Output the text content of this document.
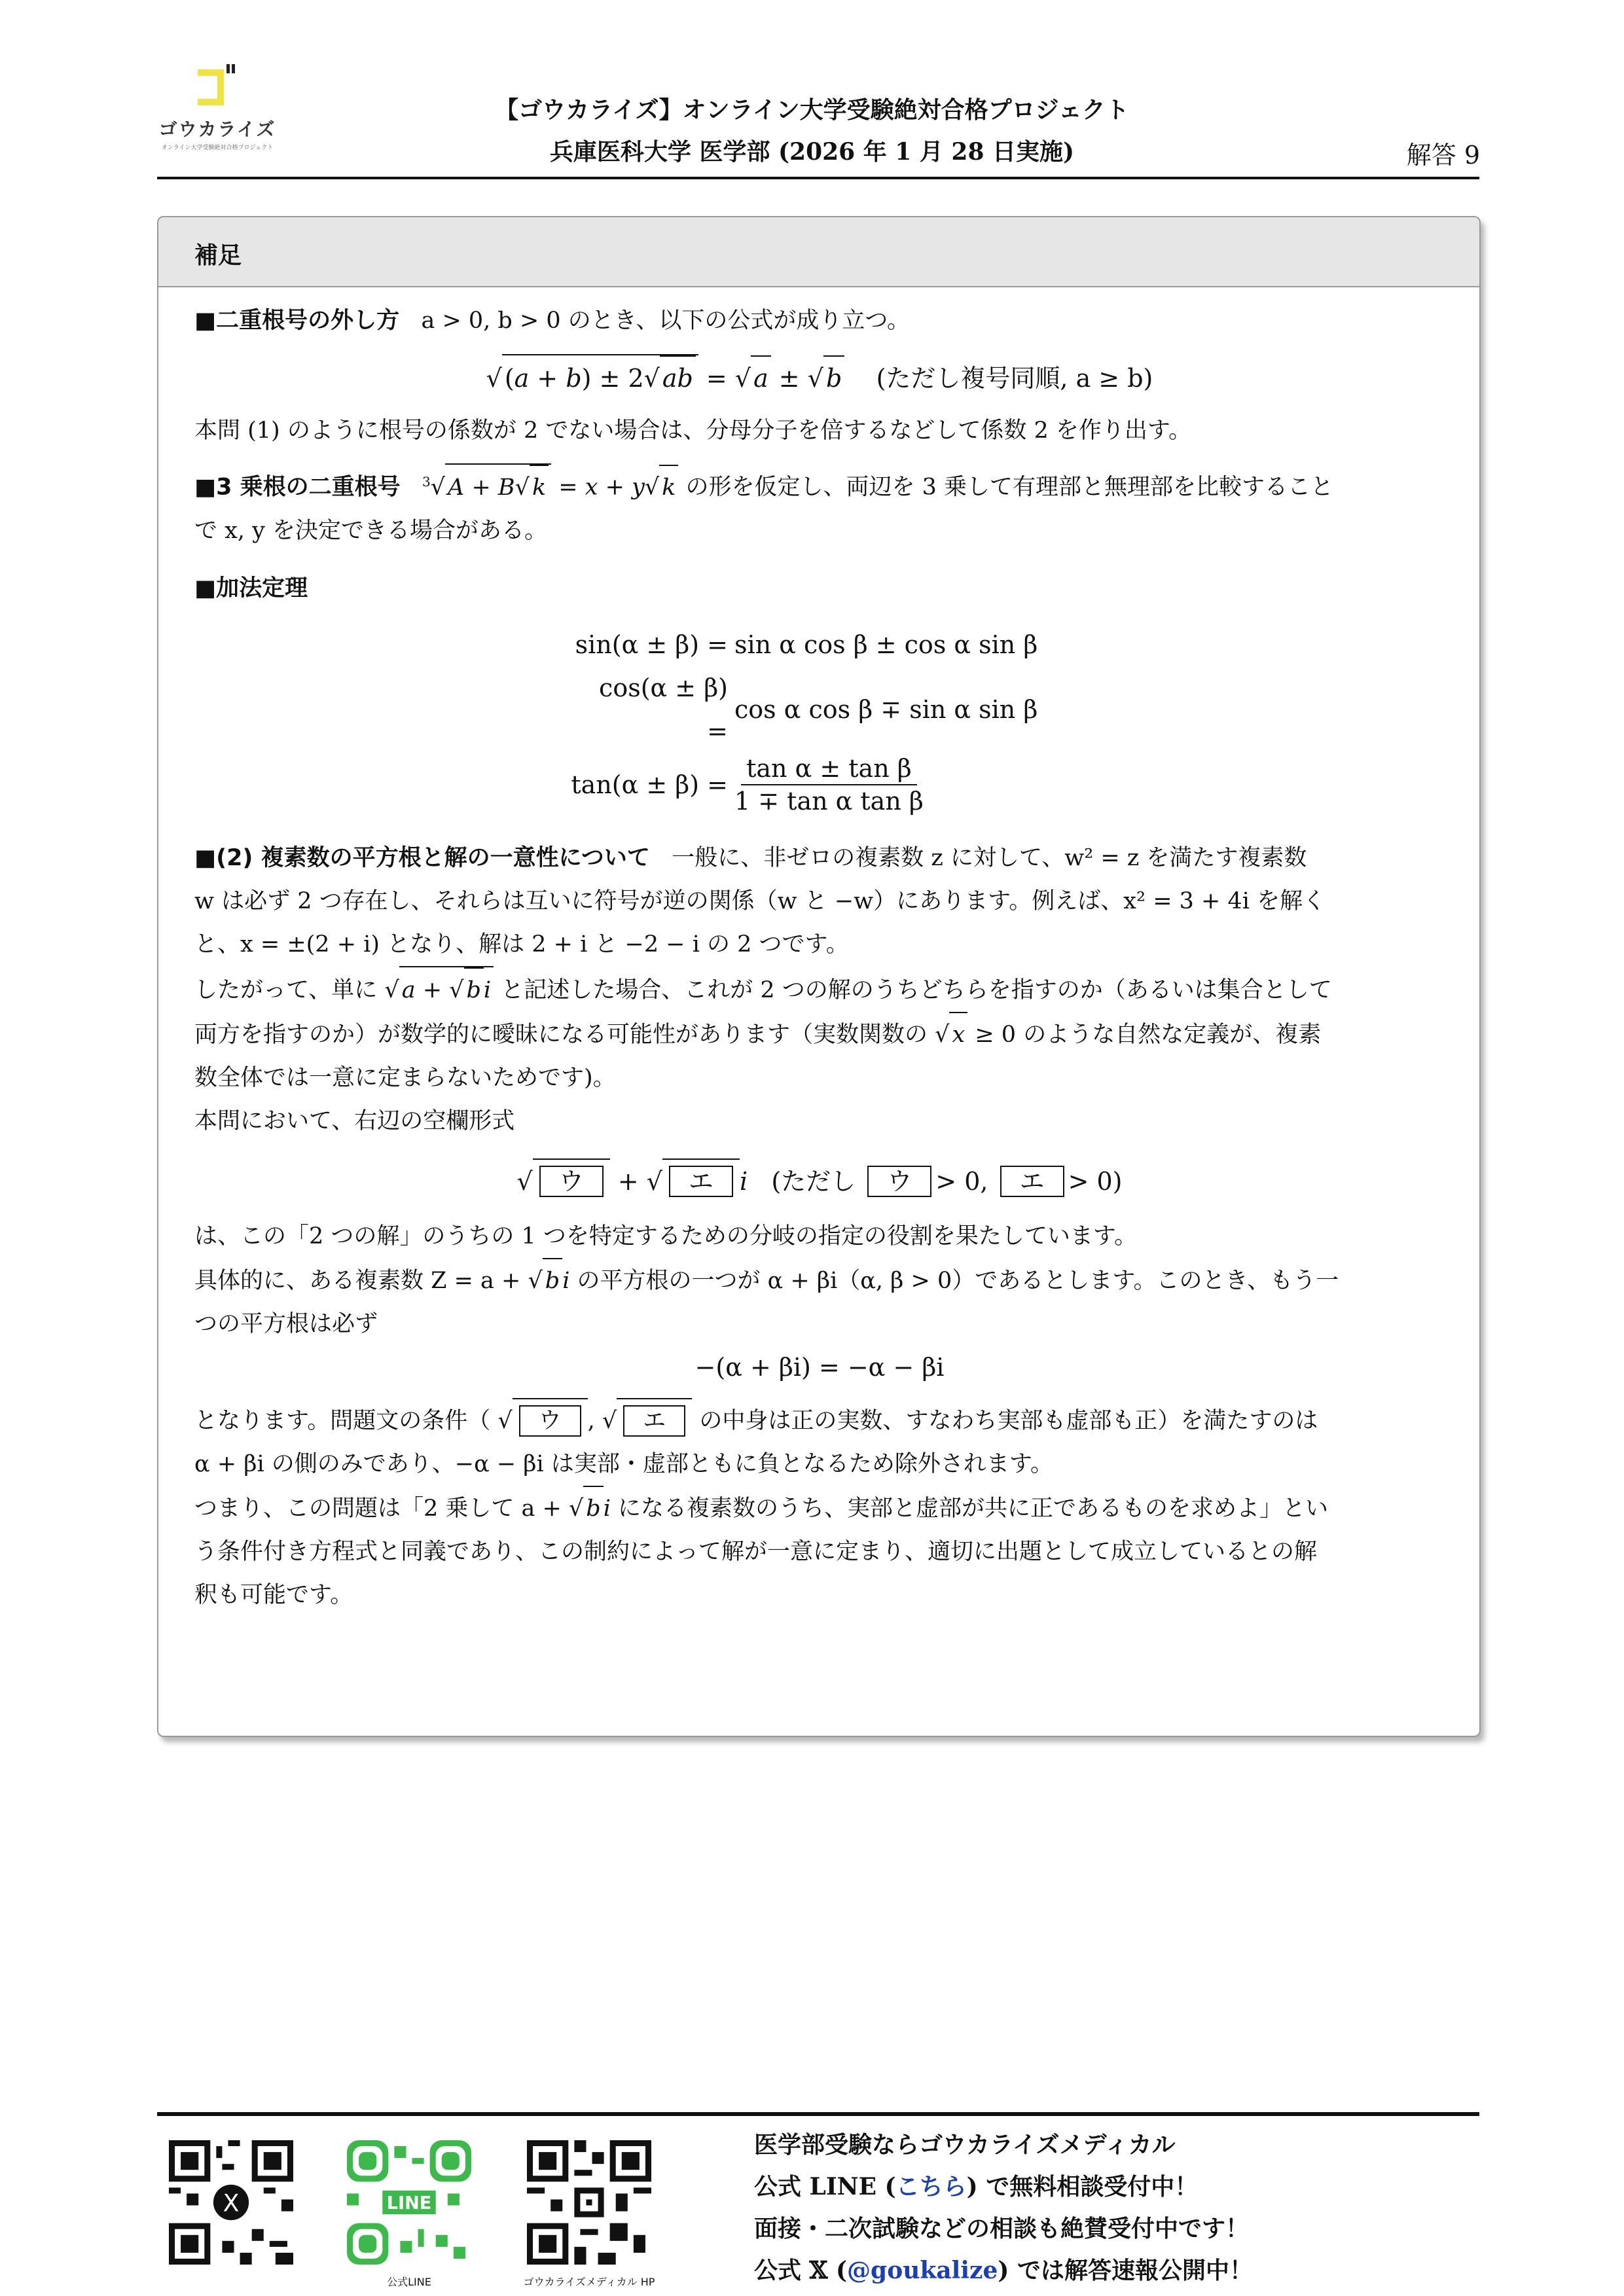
ゴウカライズ
オンライン大学受験絶対合格プロジェクト
【ゴウカライズ】オンライン大学受験絶対合格プロジェクト
兵庫医科大学 医学部 (2026 年 1 月 28 日実施)	解答 9
補足

■二重根号の外し方 a > 0, b > 0 のとき、以下の公式が成り立つ。

√ (a + b) ± 2√ ab = √ a ± √ b (ただし複号同順, a ≥ b)

本問 (1) のように根号の係数が 2 でない場合は、分母分子を倍するなどして係数 2 を作り出す。

■3 乗根の二重根号 $^3$√ A + B√ k = x + y√ k の形を仮定し、両辺を 3 乗して有理部と無理部を比較すること

で x, y を決定できる場合がある。

■加法定理

sin(α ± β) = sin α cos β ± cos α sin β
cos(α ± β) =
cos α cos β ∓ sin α sin β
$\tan(\alpha \pm \beta) = \frac{\text{tan α ± tan β}}{\text{1 ∓ tan α tan β}}$

■(2) 複素数の平方根と解の一意性について 一般に、非ゼロの複素数 z に対して、w² = z を満たす複素数

w は必ず 2 つ存在し、それらは互いに符号が逆の関係（w と −w）にあります。例えば、x² = 3 + 4i を解く

と、x = ±(2 + i) となり、解は 2 + i と −2 − i の 2 つです。

したがって、単に √ a + √ b i と記述した場合、これが 2 つの解のうちどちらを指すのか（あるいは集合として

両方を指すのか）が数学的に曖昧になる可能性があります（実数関数の √ x ≥ 0 のような自然な定義が、複素

数全体では一意に定まらないためです)。

本問において、右辺の空欄形式

√ ウ + √ エ i (ただし ウ > 0, エ > 0)

は、この「2 つの解」のうちの 1 つを特定するための分岐の指定の役割を果たしています。

具体的に、ある複素数 Z = a + √ b i の平方根の一つが α + βi（α, β > 0）であるとします。このとき、もう一

つの平方根は必ず

−(α + βi) = −α − βi

となります。問題文の条件（ √ ウ , √ エ の中身は正の実数、すなわち実部も虚部も正）を満たすのは

α + βi の側のみであり、−α − βi は実部・虚部ともに負となるため除外されます。

つまり、この問題は「2 乗して a + √ b i になる複素数のうち、実部と虚部が共に正であるものを求めよ」とい

う条件付き方程式と同義であり、この制約によって解が一意に定まり、適切に出題として成立しているとの解

釈も可能です。

X	LINE
公式LINE	ゴウカライズメディカル HP
医学部受験ならゴウカライズメディカル
公式 LINE (こちら) で無料相談受付中！
面接・二次試験などの相談も絶賛受付中です！
公式 𝕏 (@goukalize) では解答速報公開中！
